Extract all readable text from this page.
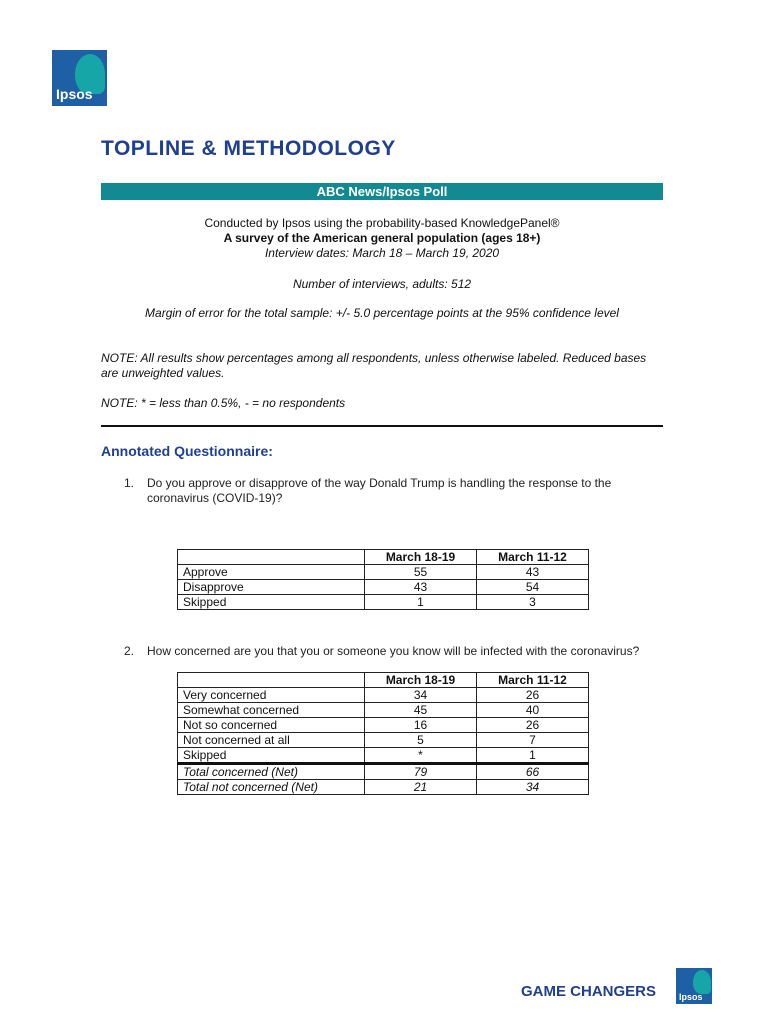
Ipsos
TOPLINE & METHODOLOGY
ABC News/Ipsos Poll
Conducted by Ipsos using the probability-based KnowledgePanel®
A survey of the American general population (ages 18+)
Interview dates: March 18 – March 19, 2020
Number of interviews, adults: 512
Margin of error for the total sample: +/- 5.0 percentage points at the 95% confidence level
NOTE: All results show percentages among all respondents, unless otherwise labeled. Reduced bases are unweighted values.
NOTE: * = less than 0.5%, - = no respondents
Annotated Questionnaire:
1.	Do you approve or disapprove of the way Donald Trump is handling the response to the coronavirus (COVID-19)?
	March 18-19	March 11-12
Approve	55	43
Disapprove	43	54
Skipped	1	3
2.	How concerned are you that you or someone you know will be infected with the coronavirus?
	March 18-19	March 11-12
Very concerned	34	26
Somewhat concerned	45	40
Not so concerned	16	26
Not concerned at all	5	7
Skipped	*	1
Total concerned (Net)	79	66
Total not concerned (Net)	21	34
GAME CHANGERS	Ipsos
